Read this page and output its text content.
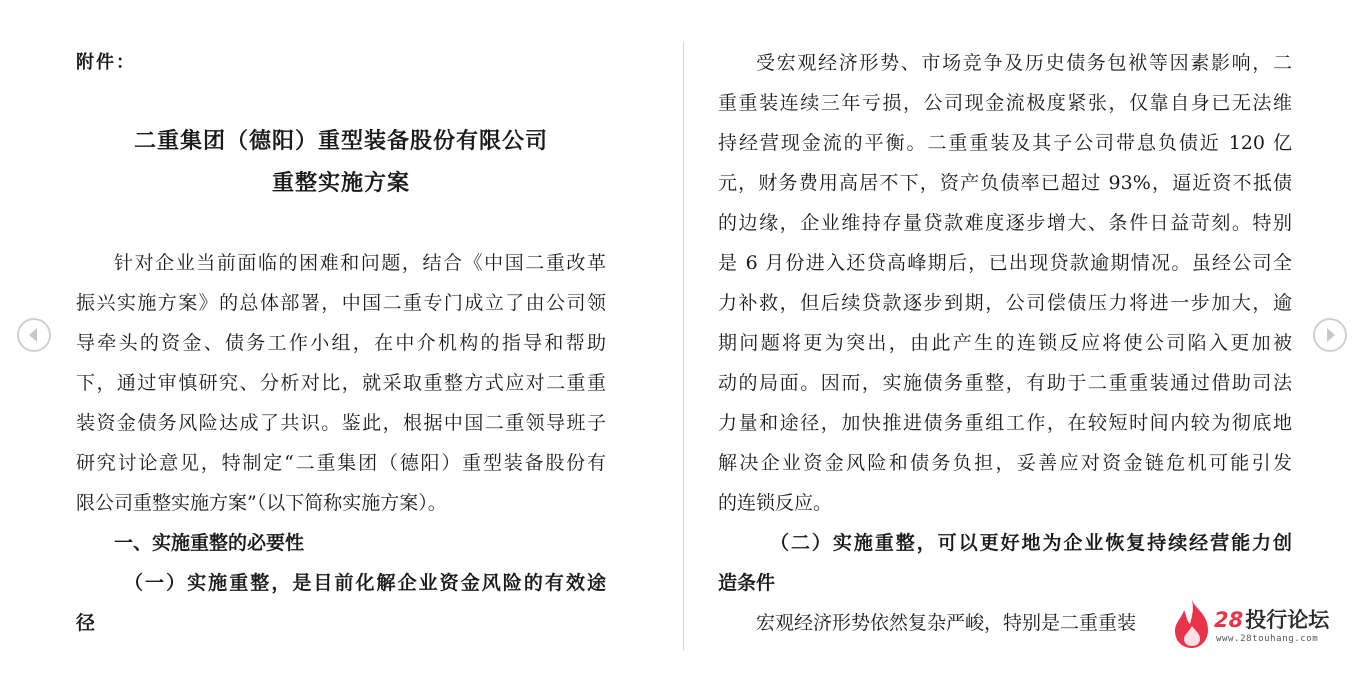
附件：
二重集团（德阳）重型装备股份有限公司
重整实施方案
针对企业当前面临的困难和问题，结合《中国二重改革
振兴实施方案》的总体部署，中国二重专门成立了由公司领
导牵头的资金、债务工作小组，在中介机构的指导和帮助
下，通过审慎研究、分析对比，就采取重整方式应对二重重
装资金债务风险达成了共识。鉴此，根据中国二重领导班子
研究讨论意见，特制定“二重集团（德阳）重型装备股份有
限公司重整实施方案”（以下简称实施方案）。
一、实施重整的必要性
（一）实施重整，是目前化解企业资金风险的有效途
径
受宏观经济形势、市场竞争及历史债务包袱等因素影响，二
重重装连续三年亏损，公司现金流极度紧张，仅靠自身已无法维
持经营现金流的平衡。二重重装及其子公司带息负债近 120 亿
元，财务费用高居不下，资产负债率已超过 93%，逼近资不抵债
的边缘，企业维持存量贷款难度逐步增大、条件日益苛刻。特别
是 6 月份进入还贷高峰期后，已出现贷款逾期情况。虽经公司全
力补救，但后续贷款逐步到期，公司偿债压力将进一步加大，逾
期问题将更为突出，由此产生的连锁反应将使公司陷入更加被
动的局面。因而，实施债务重整，有助于二重重装通过借助司法
力量和途径，加快推进债务重组工作，在较短时间内较为彻底地
解决企业资金风险和债务负担，妥善应对资金链危机可能引发
的连锁反应。
（二）实施重整，可以更好地为企业恢复持续经营能力创
造条件
宏观经济形势依然复杂严峻，特别是二重重装	28投行论坛
www.28touhang.com
